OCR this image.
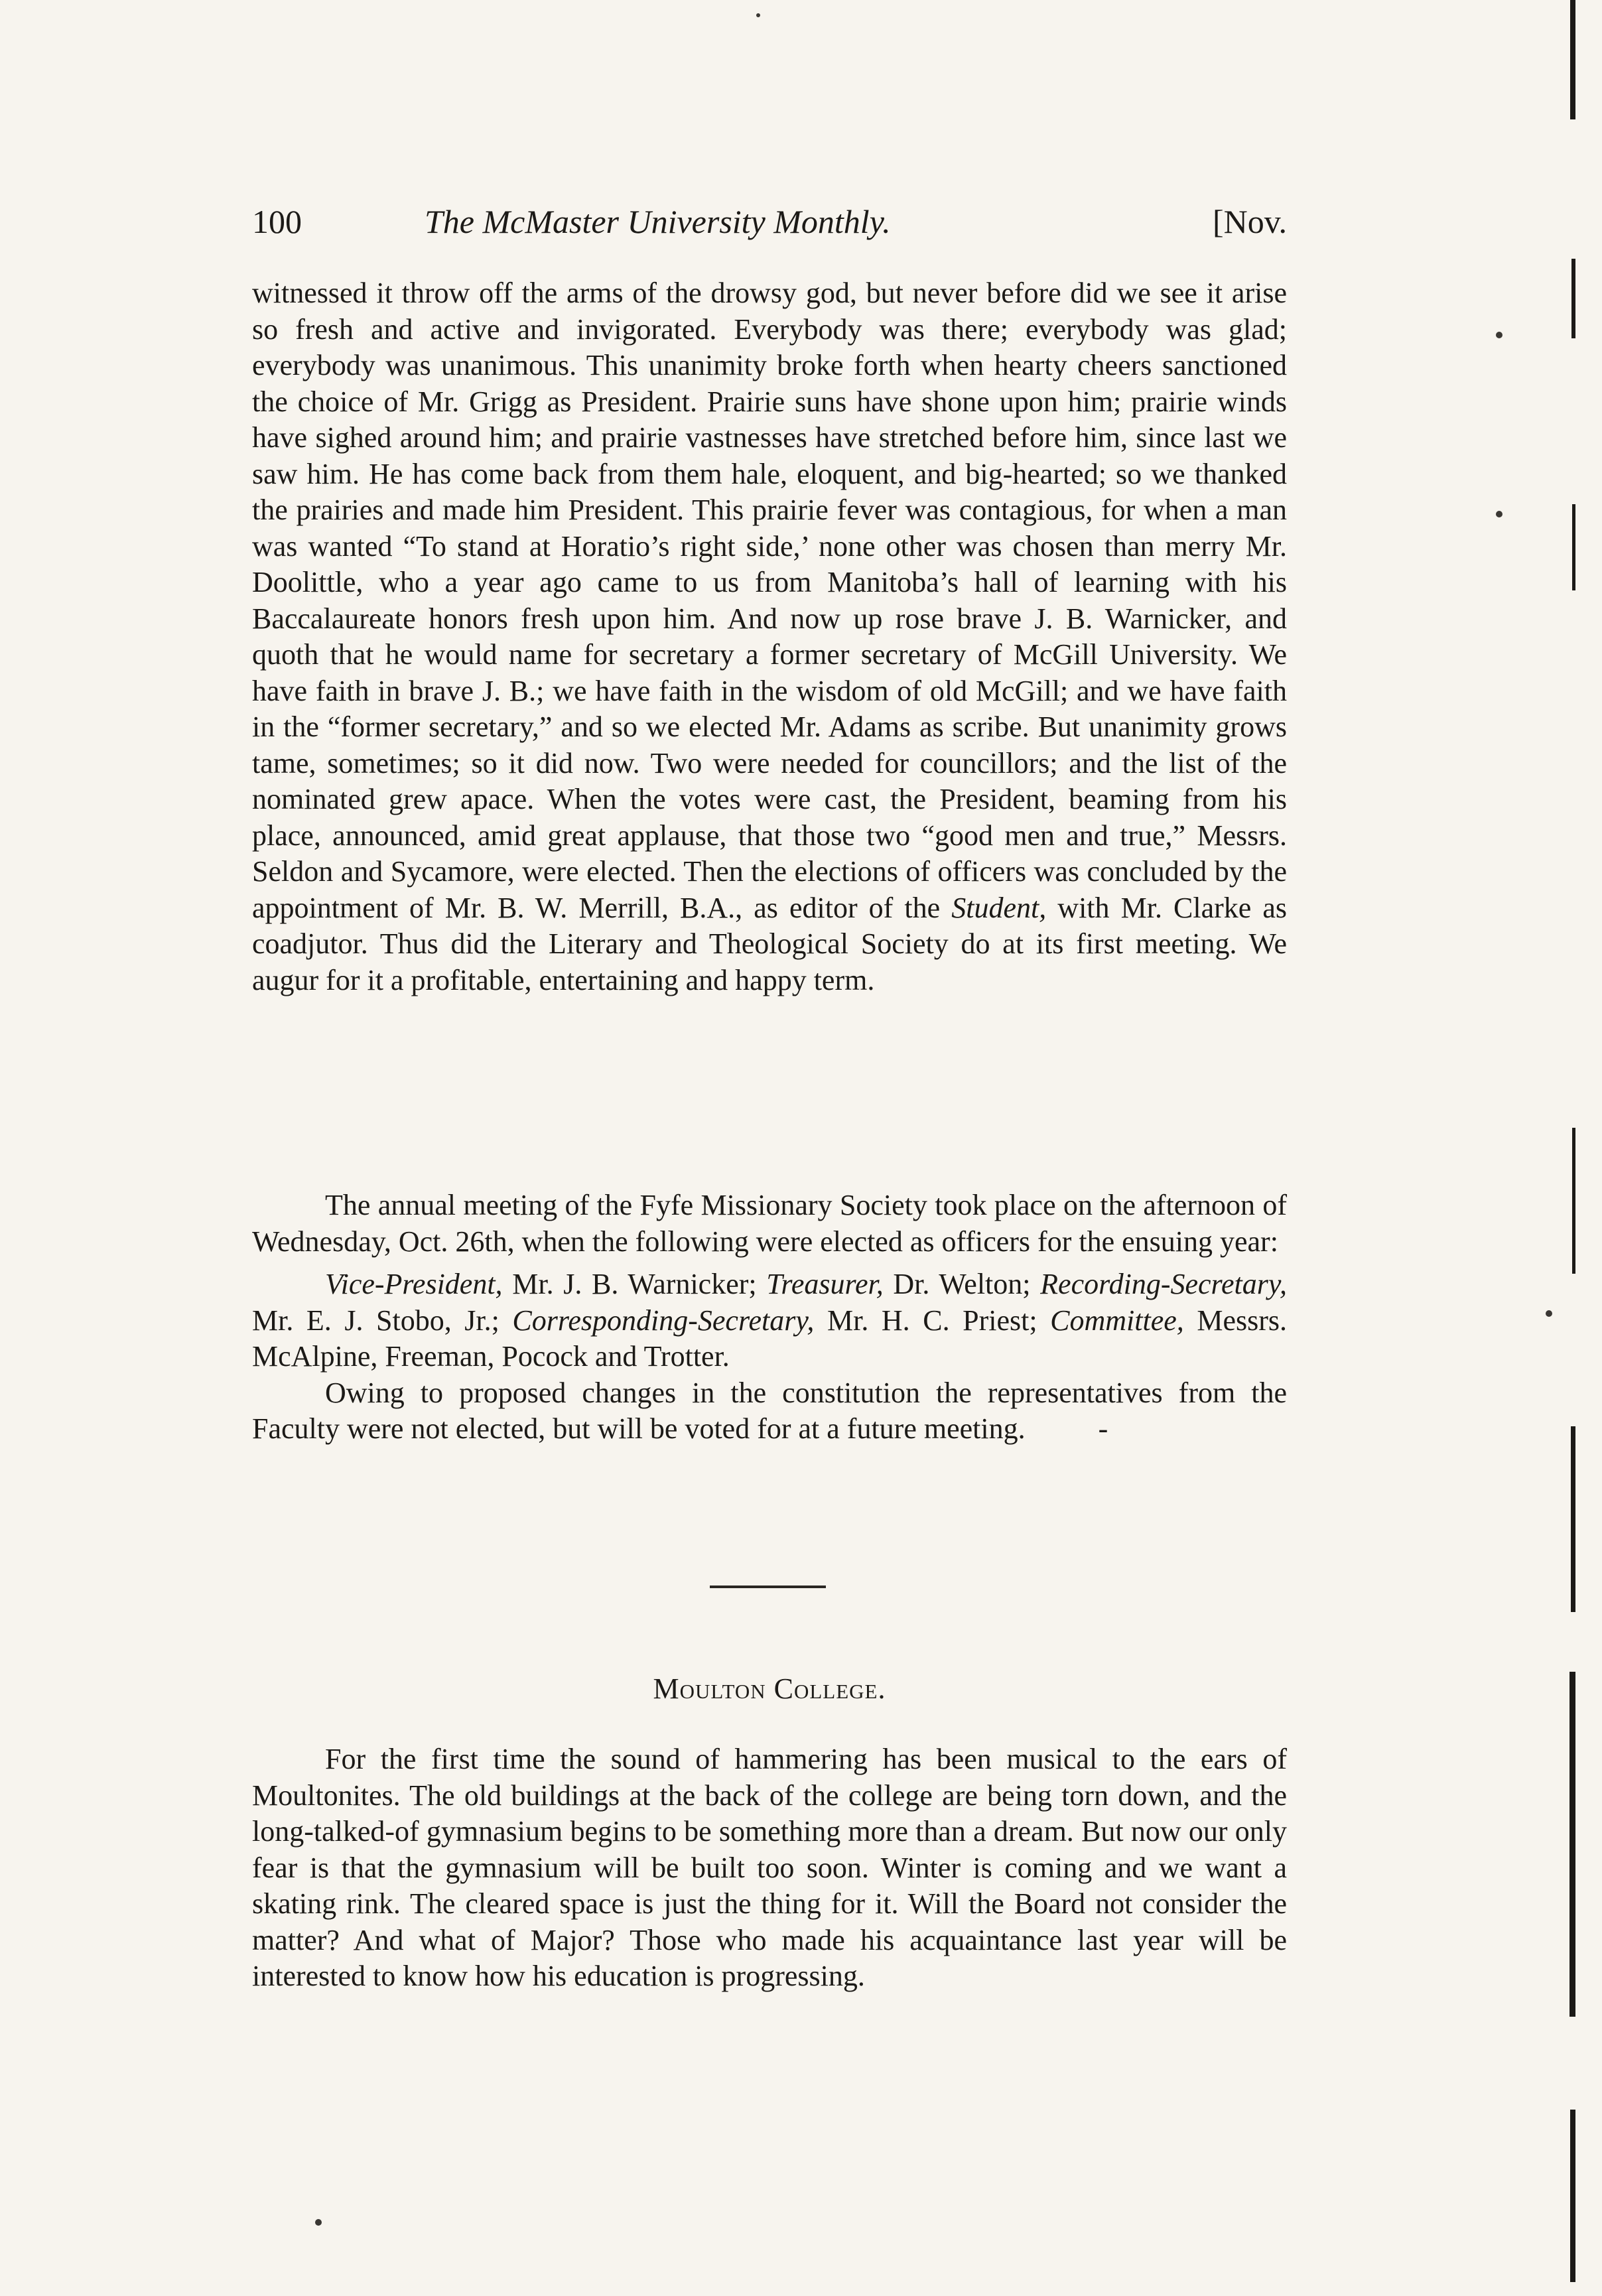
100	The McMaster University Monthly.	[Nov.

witnessed it throw off the arms of the drowsy god, but never before did we see it arise so fresh and active and invigorated. Everybody was there; everybody was glad; everybody was unanimous. This unanimity broke forth when hearty cheers sanctioned the choice of Mr. Grigg as President. Prairie suns have shone upon him; prairie winds have sighed around him; and prairie vastnesses have stretched before him, since last we saw him. He has come back from them hale, eloquent, and big-hearted; so we thanked the prairies and made him President. This prairie fever was contagious, for when a man was wanted “To stand at Horatio’s right side,’ none other was chosen than merry Mr. Doolittle, who a year ago came to us from Manitoba’s hall of learning with his Baccalaureate honors fresh upon him. And now up rose brave J. B. Warnicker, and quoth that he would name for secretary a former secretary of McGill University. We have faith in brave J. B.; we have faith in the wisdom of old McGill; and we have faith in the “former secretary,” and so we elected Mr. Adams as scribe. But unanimity grows tame, sometimes; so it did now. Two were needed for councillors; and the list of the nominated grew apace. When the votes were cast, the President, beaming from his place, announced, amid great applause, that those two “good men and true,” Messrs. Seldon and Sycamore, were elected. Then the elections of officers was concluded by the appointment of Mr. B. W. Merrill, B.A., as editor of the Student, with Mr. Clarke as coadjutor. Thus did the Literary and Theological Society do at its first meeting. We augur for it a profitable, entertaining and happy term.

The annual meeting of the Fyfe Missionary Society took place on the afternoon of Wednesday, Oct. 26th, when the following were elected as officers for the ensuing year:

Vice-President, Mr. J. B. Warnicker; Treasurer, Dr. Welton; Recording-Secretary, Mr. E. J. Stobo, Jr.; Corresponding-Secretary, Mr. H. C. Priest; Committee, Messrs. McAlpine, Freeman, Pocock and Trotter.

Owing to proposed changes in the constitution the representatives from the Faculty were not elected, but will be voted for at a future meeting.	-

Moulton College.

For the first time the sound of hammering has been musical to the ears of Moultonites. The old buildings at the back of the college are being torn down, and the long-talked-of gymnasium begins to be something more than a dream. But now our only fear is that the gymnasium will be built too soon. Winter is coming and we want a skating rink. The cleared space is just the thing for it. Will the Board not consider the matter? And what of Major? Those who made his acquaintance last year will be interested to know how his education is progressing.
